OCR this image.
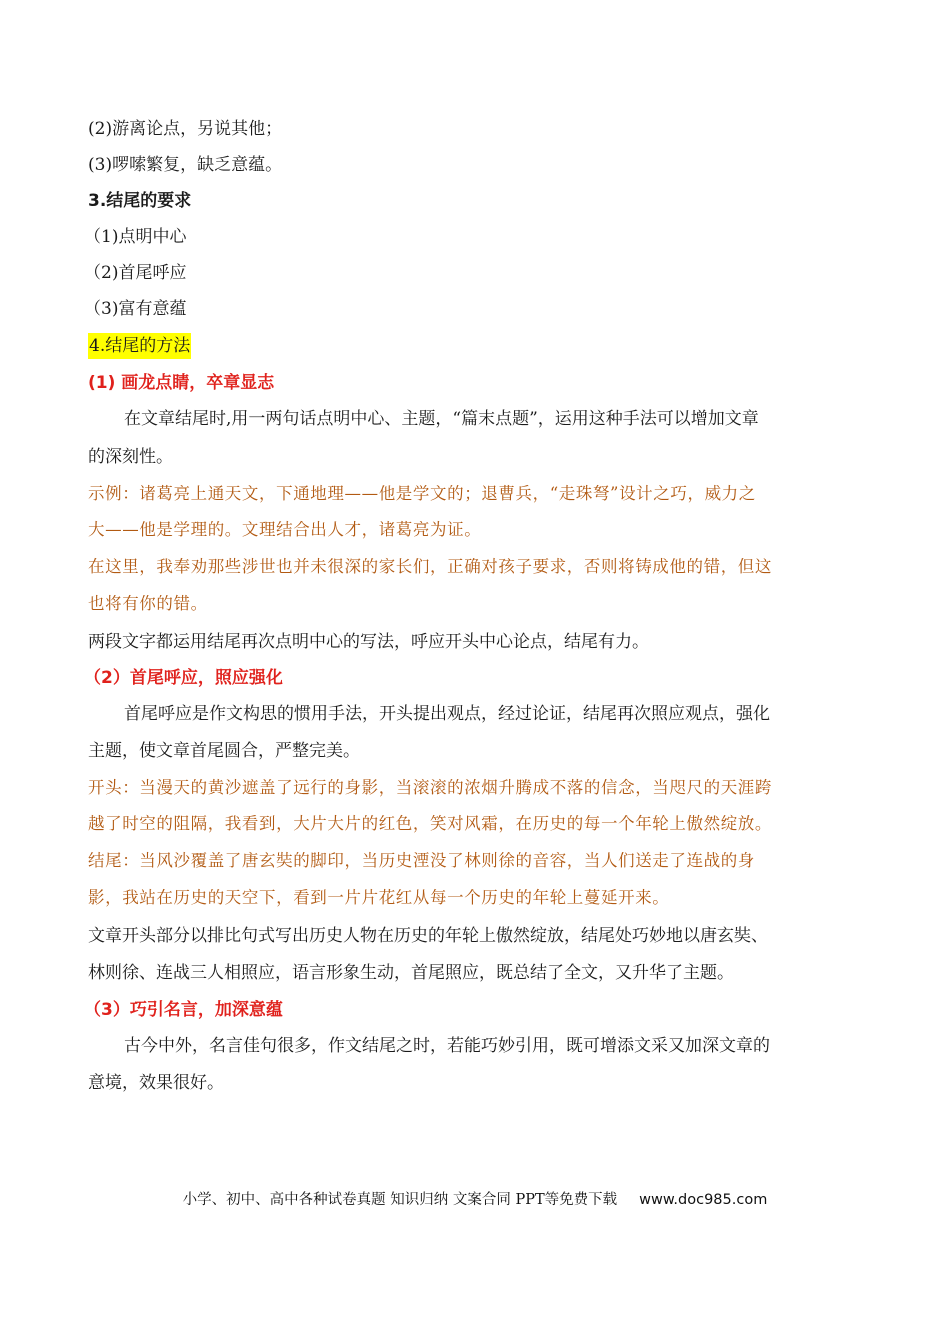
(2)游离论点，另说其他；
(3)啰嗦繁复，缺乏意蕴。
3.结尾的要求
（1)点明中心
（2)首尾呼应
（3)富有意蕴
4.结尾的方法
(1) 画龙点睛，卒章显志
在文章结尾时,用一两句话点明中心、主题，“篇末点题”，运用这种手法可以增加文章
的深刻性。
示例：诸葛亮上通天文，下通地理——他是学文的；退曹兵，“走珠弩”设计之巧，威力之
大——他是学理的。文理结合出人才，诸葛亮为证。
在这里，我奉劝那些涉世也并未很深的家长们，正确对孩子要求，否则将铸成他的错，但这
也将有你的错。
两段文字都运用结尾再次点明中心的写法，呼应开头中心论点，结尾有力。
（2）首尾呼应，照应强化
首尾呼应是作文构思的惯用手法，开头提出观点，经过论证，结尾再次照应观点，强化
主题，使文章首尾圆合，严整完美。
开头：当漫天的黄沙遮盖了远行的身影，当滚滚的浓烟升腾成不落的信念，当咫尺的天涯跨
越了时空的阻隔，我看到，大片大片的红色，笑对风霜，在历史的每一个年轮上傲然绽放。
结尾：当风沙覆盖了唐玄奘的脚印，当历史湮没了林则徐的音容，当人们送走了连战的身
影，我站在历史的天空下，看到一片片花红从每一个历史的年轮上蔓延开来。
文章开头部分以排比句式写出历史人物在历史的年轮上傲然绽放，结尾处巧妙地以唐玄奘、
林则徐、连战三人相照应，语言形象生动，首尾照应，既总结了全文，又升华了主题。
（3）巧引名言，加深意蕴
古今中外，名言佳句很多，作文结尾之时，若能巧妙引用，既可增添文采又加深文章的
意境，效果很好。
小学、初中、高中各种试卷真题 知识归纳 文案合同 PPT等免费下载 www.doc985.com
